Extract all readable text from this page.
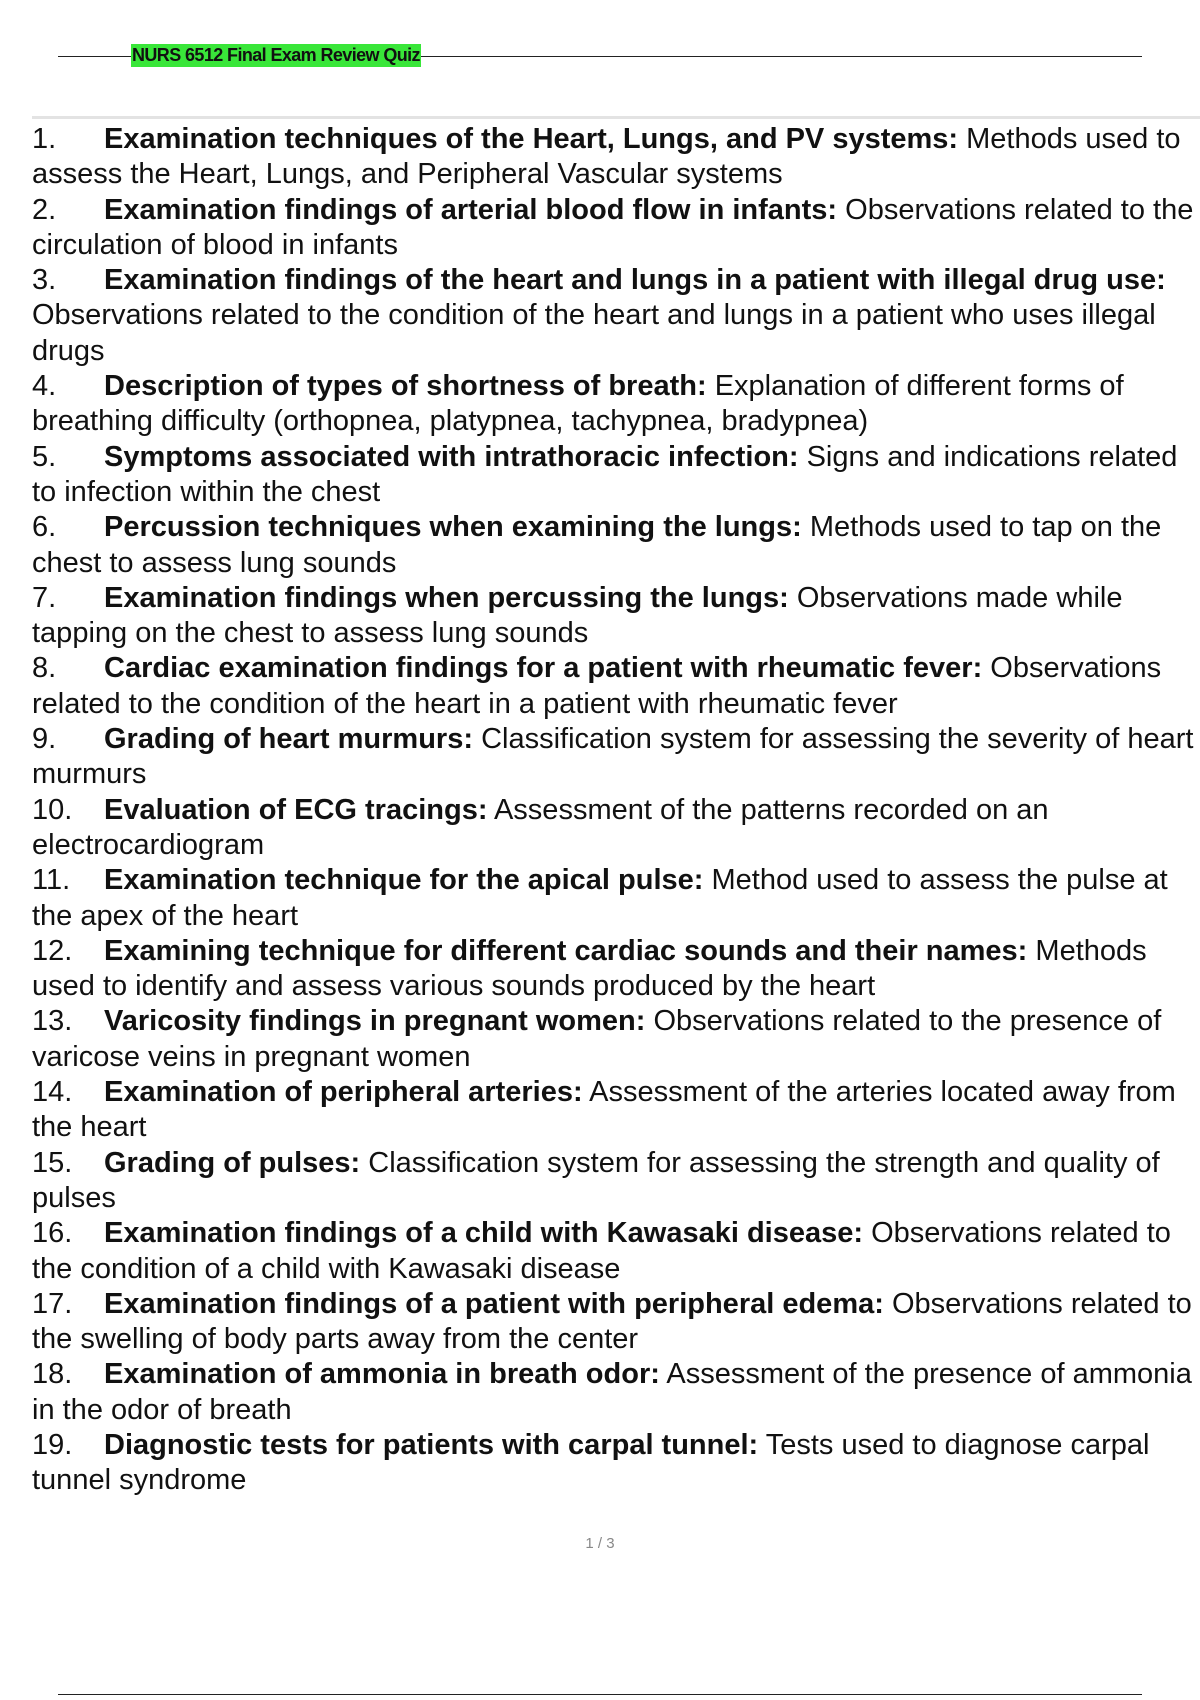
NURS 6512 Final Exam Review Quiz
1. Examination techniques of the Heart, Lungs, and PV systems: Methods used to assess the Heart, Lungs, and Peripheral Vascular systems
2. Examination findings of arterial blood flow in infants: Observations related to the circulation of blood in infants
3. Examination findings of the heart and lungs in a patient with illegal drug use: Observations related to the condition of the heart and lungs in a patient who uses illegal drugs
4. Description of types of shortness of breath: Explanation of different forms of breathing difficulty (orthopnea, platypnea, tachypnea, bradypnea)
5. Symptoms associated with intrathoracic infection: Signs and indications related to infection within the chest
6. Percussion techniques when examining the lungs: Methods used to tap on the chest to assess lung sounds
7. Examination findings when percussing the lungs: Observations made while tapping on the chest to assess lung sounds
8. Cardiac examination findings for a patient with rheumatic fever: Observations related to the condition of the heart in a patient with rheumatic fever
9. Grading of heart murmurs: Classification system for assessing the severity of heart murmurs
10. Evaluation of ECG tracings: Assessment of the patterns recorded on an electrocardiogram
11. Examination technique for the apical pulse: Method used to assess the pulse at the apex of the heart
12. Examining technique for different cardiac sounds and their names: Methods used to identify and assess various sounds produced by the heart
13. Varicosity findings in pregnant women: Observations related to the presence of varicose veins in pregnant women
14. Examination of peripheral arteries: Assessment of the arteries located away from the heart
15. Grading of pulses: Classification system for assessing the strength and quality of pulses
16. Examination findings of a child with Kawasaki disease: Observations related to the condition of a child with Kawasaki disease
17. Examination findings of a patient with peripheral edema: Observations related to the swelling of body parts away from the center
18. Examination of ammonia in breath odor: Assessment of the presence of ammonia in the odor of breath
19. Diagnostic tests for patients with carpal tunnel: Tests used to diagnose carpal tunnel syndrome
1 / 3
